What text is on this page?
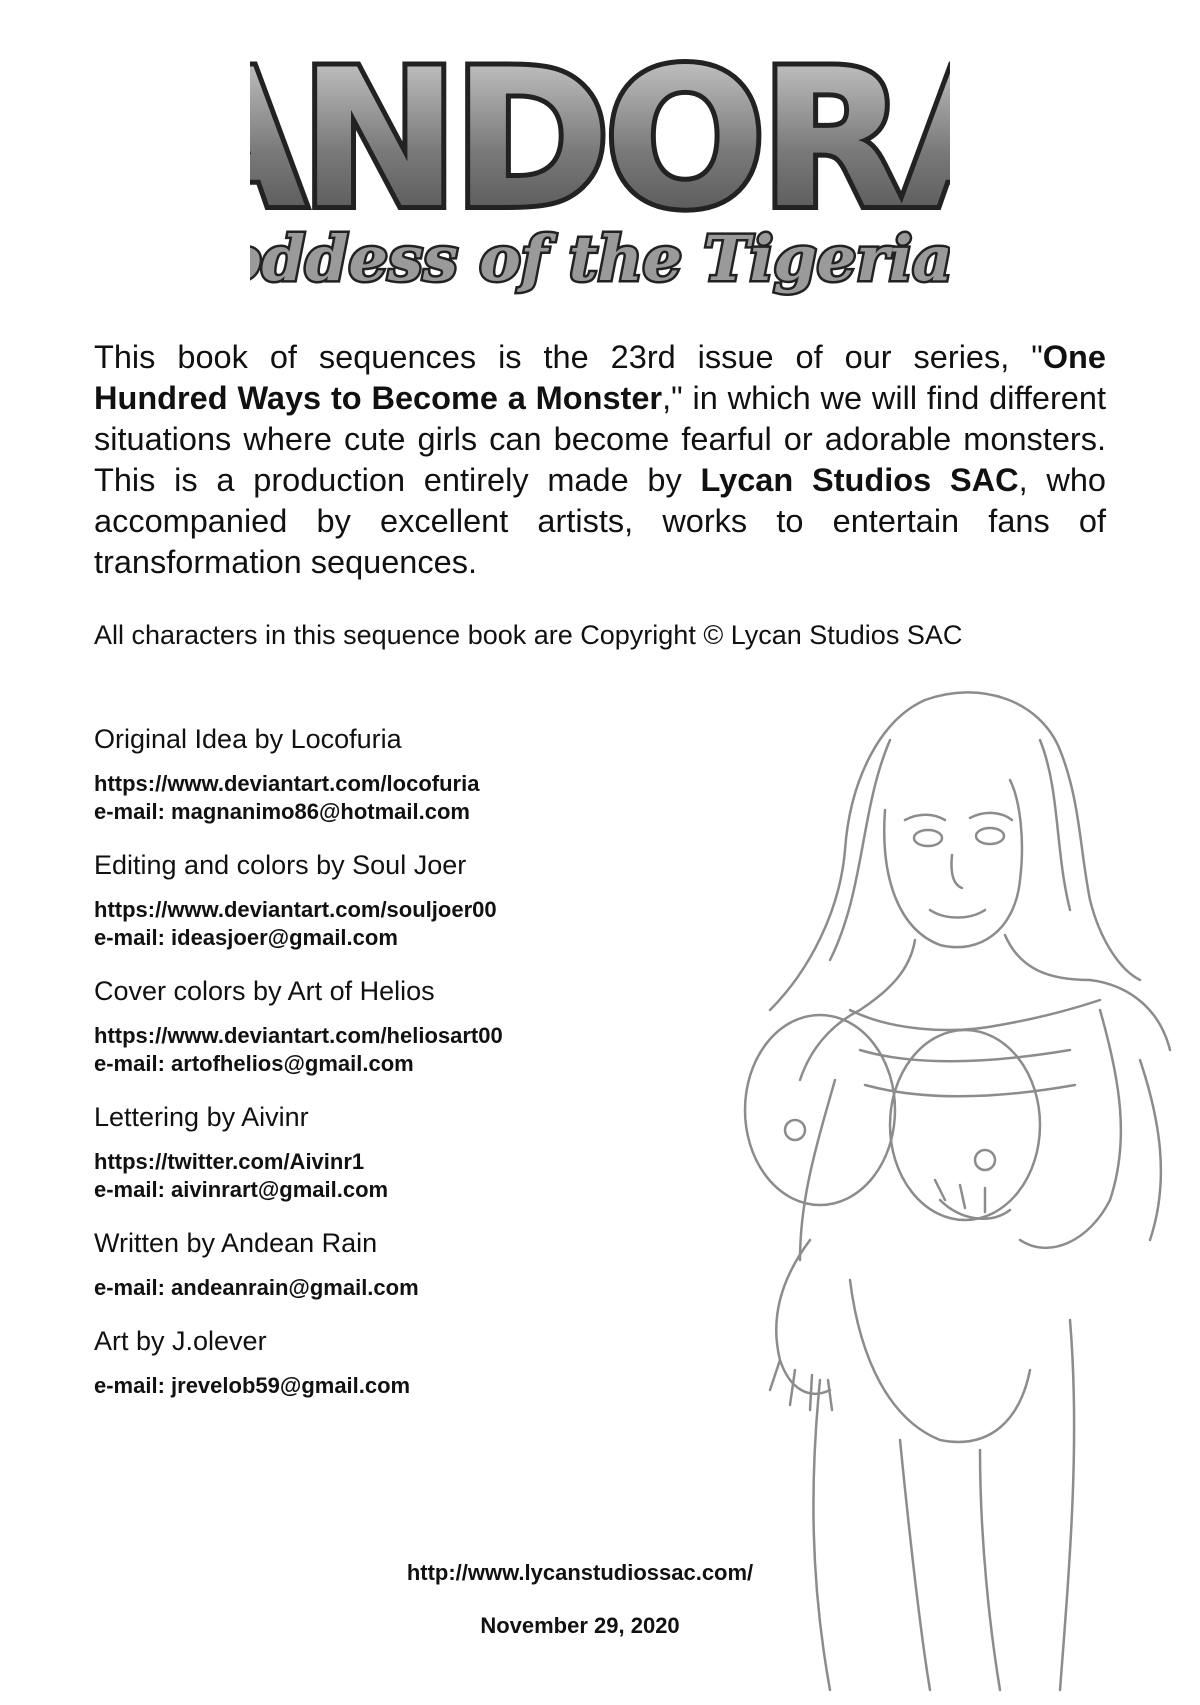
NDOR
ddess of the Tigeria

This book of sequences is the 23rd issue of our series, "One Hundred Ways to Become a Monster," in which we will find different situations where cute girls can become fearful or adorable monsters. This is a production entirely made by Lycan Studios SAC, who accompanied by excellent artists, works to entertain fans of transformation sequences.

All characters in this sequence book are Copyright © Lycan Studios SAC

Original Idea by Locofuria

https://www.deviantart.com/locofuria

e-mail: magnanimo86@hotmail.com

Editing and colors by Soul Joer

https://www.deviantart.com/souljoer00

e-mail: ideasjoer@gmail.com

Cover colors by Art of Helios

https://www.deviantart.com/heliosart00

e-mail: artofhelios@gmail.com

Lettering by Aivinr

https://twitter.com/Aivinr1

e-mail: aivinrart@gmail.com

Written by Andean Rain

e-mail: andeanrain@gmail.com

Art by J.olever

e-mail: jrevelob59@gmail.com

http://www.lycanstudiossac.com/

November 29, 2020
